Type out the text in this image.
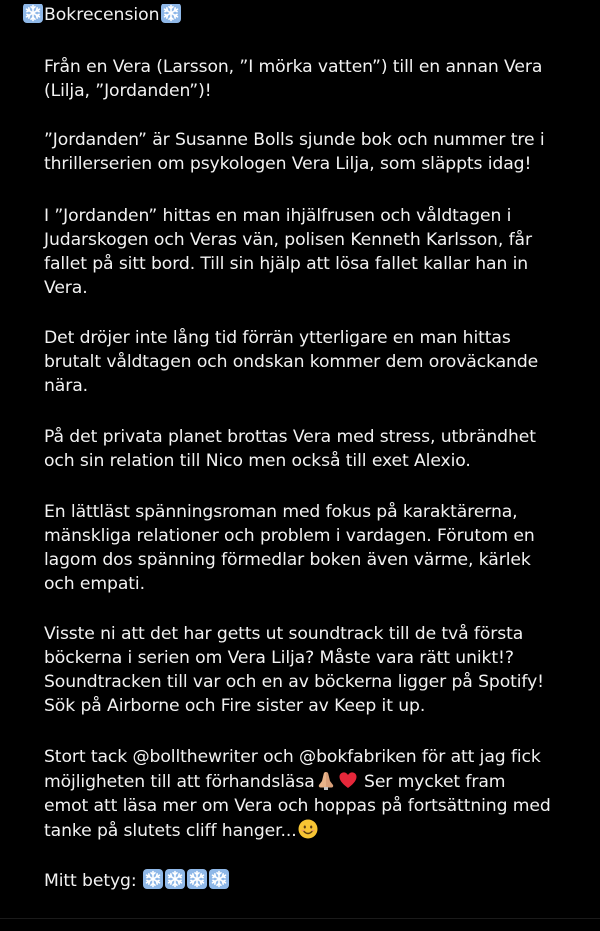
Bokrecension
Från en Vera (Larsson, ”I mörka vatten”) till en annan Vera
(Lilja, ”Jordanden”)!
”Jordanden” är Susanne Bolls sjunde bok och nummer tre i
thrillerserien om psykologen Vera Lilja, som släppts idag!
I ”Jordanden” hittas en man ihjälfrusen och våldtagen i
Judarskogen och Veras vän, polisen Kenneth Karlsson, får
fallet på sitt bord. Till sin hjälp att lösa fallet kallar han in
Vera.
Det dröjer inte lång tid förrän ytterligare en man hittas
brutalt våldtagen och ondskan kommer dem oroväckande
nära.
På det privata planet brottas Vera med stress, utbrändhet
och sin relation till Nico men också till exet Alexio.
En lättläst spänningsroman med fokus på karaktärerna,
mänskliga relationer och problem i vardagen. Förutom en
lagom dos spänning förmedlar boken även värme, kärlek
och empati.
Visste ni att det har getts ut soundtrack till de två första
böckerna i serien om Vera Lilja? Måste vara rätt unikt!?
Soundtracken till var och en av böckerna ligger på Spotify!
Sök på Airborne och Fire sister av Keep it up.
Stort tack @bollthewriter och @bokfabriken för att jag fick
möjligheten till att förhandsläsa	Ser mycket fram
emot att läsa mer om Vera och hoppas på fortsättning med
tanke på slutets cliff hanger...
Mitt betyg:
